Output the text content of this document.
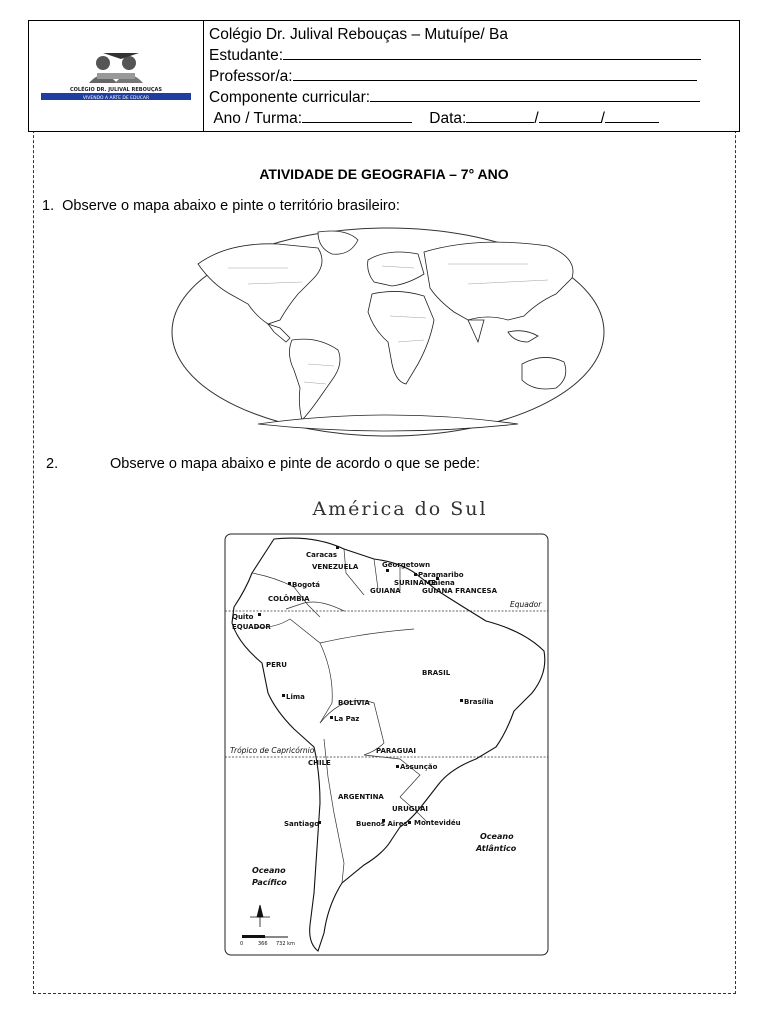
COLÉGIO DR. JULIVAL REBOUÇAS
VIVENDO A ARTE DE EDUCAR
Colégio Dr. Julival Rebouças – Mutuípe/ Ba
Estudante:
Professor/a:
Componente curricular:
Ano / Turma:	Data:	/	/
ATIVIDADE DE GEOGRAFIA – 7° ANO
1. Observe o mapa abaixo e pinte o território brasileiro:
2.	Observe o mapa abaixo e pinte de acordo o que se pede:
América do Sul
Equador
Trópico de Capricórnio
VENEZUELA
COLÔMBIA
GUIANA
SURINAME
GUIANA FRANCESA
EQUADOR
PERU
BRASIL
BOLÍVIA
PARAGUAI
CHILE
ARGENTINA
URUGUAI
Caracas
Georgetown
Paramaribo
Caiena
Bogotá
Quito
Lima
Brasília
La Paz
Assunção
Santiago	Buenos Aires Montevidéu
Oceano
Atlântico
Oceano
Pacífico
0	366 732 km
